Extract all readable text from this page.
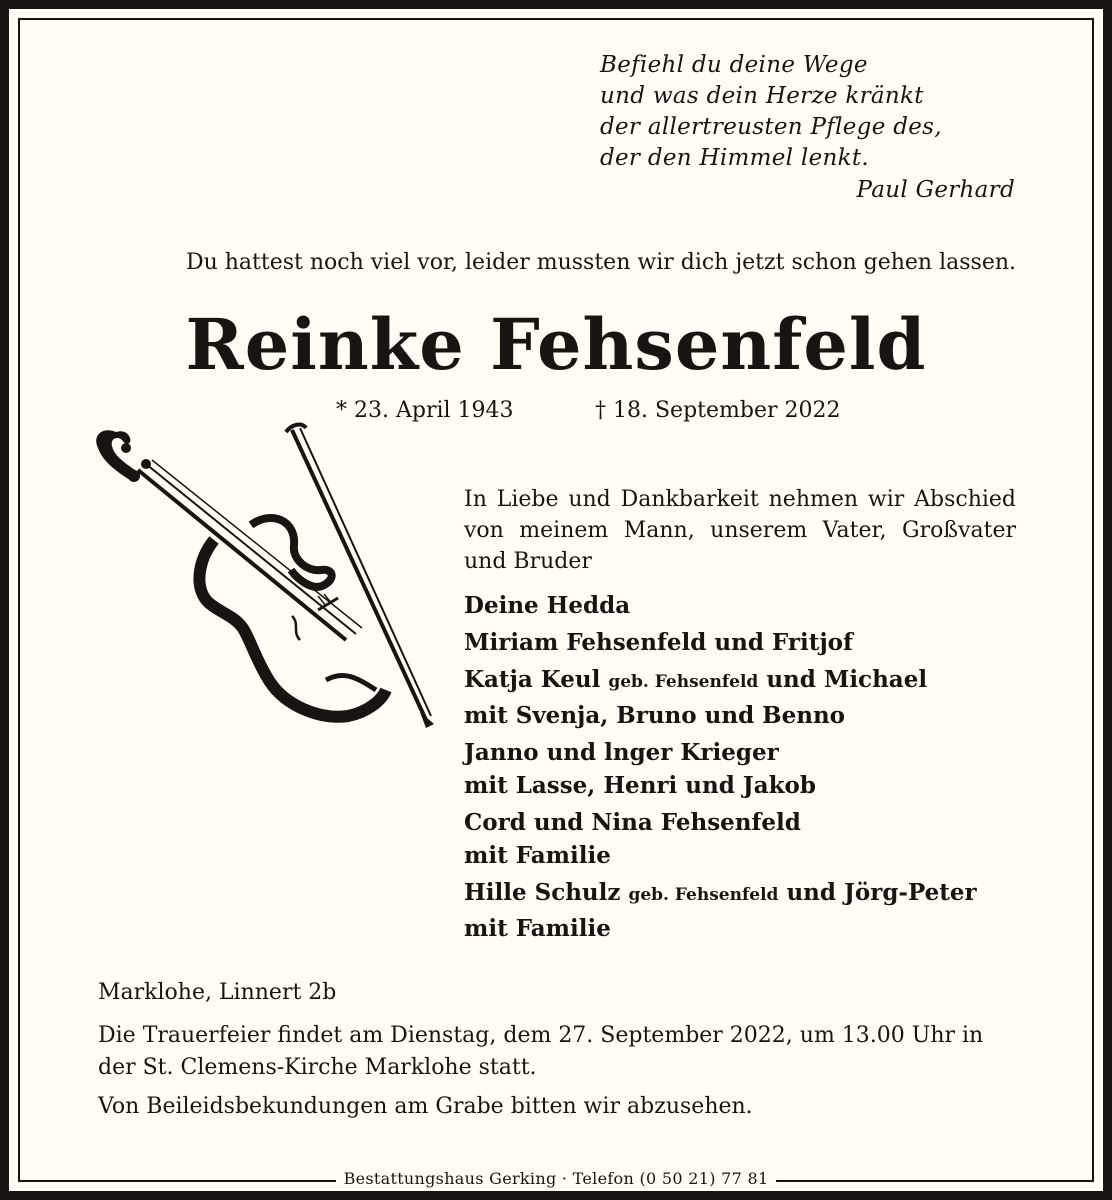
Befiehl du deine Wege
und was dein Herze kränkt
der allertreusten Pflege des,
der den Himmel lenkt.
Paul Gerhard
Du hattest noch viel vor, leider mussten wir dich jetzt schon gehen lassen.
Reinke Fehsenfeld
* 23. April 1943	† 18. September 2022
In Liebe und Dankbarkeit nehmen wir Abschied von meinem Mann, unserem Vater, Großvater und Bruder
Deine Hedda
Miriam Fehsenfeld und Fritjof
Katja Keul geb. Fehsenfeld und Michael
mit Svenja, Bruno und Benno
Janno und lnger Krieger
mit Lasse, Henri und Jakob
Cord und Nina Fehsenfeld
mit Familie
Hille Schulz geb. Fehsenfeld und Jörg-Peter
mit Familie
Marklohe, Linnert 2b
Die Trauerfeier findet am Dienstag, dem 27. September 2022, um 13.00 Uhr in
der St. Clemens-Kirche Marklohe statt.
Von Beileidsbekundungen am Grabe bitten wir abzusehen.
Bestattungshaus Gerking · Telefon (0 50 21) 77 81
